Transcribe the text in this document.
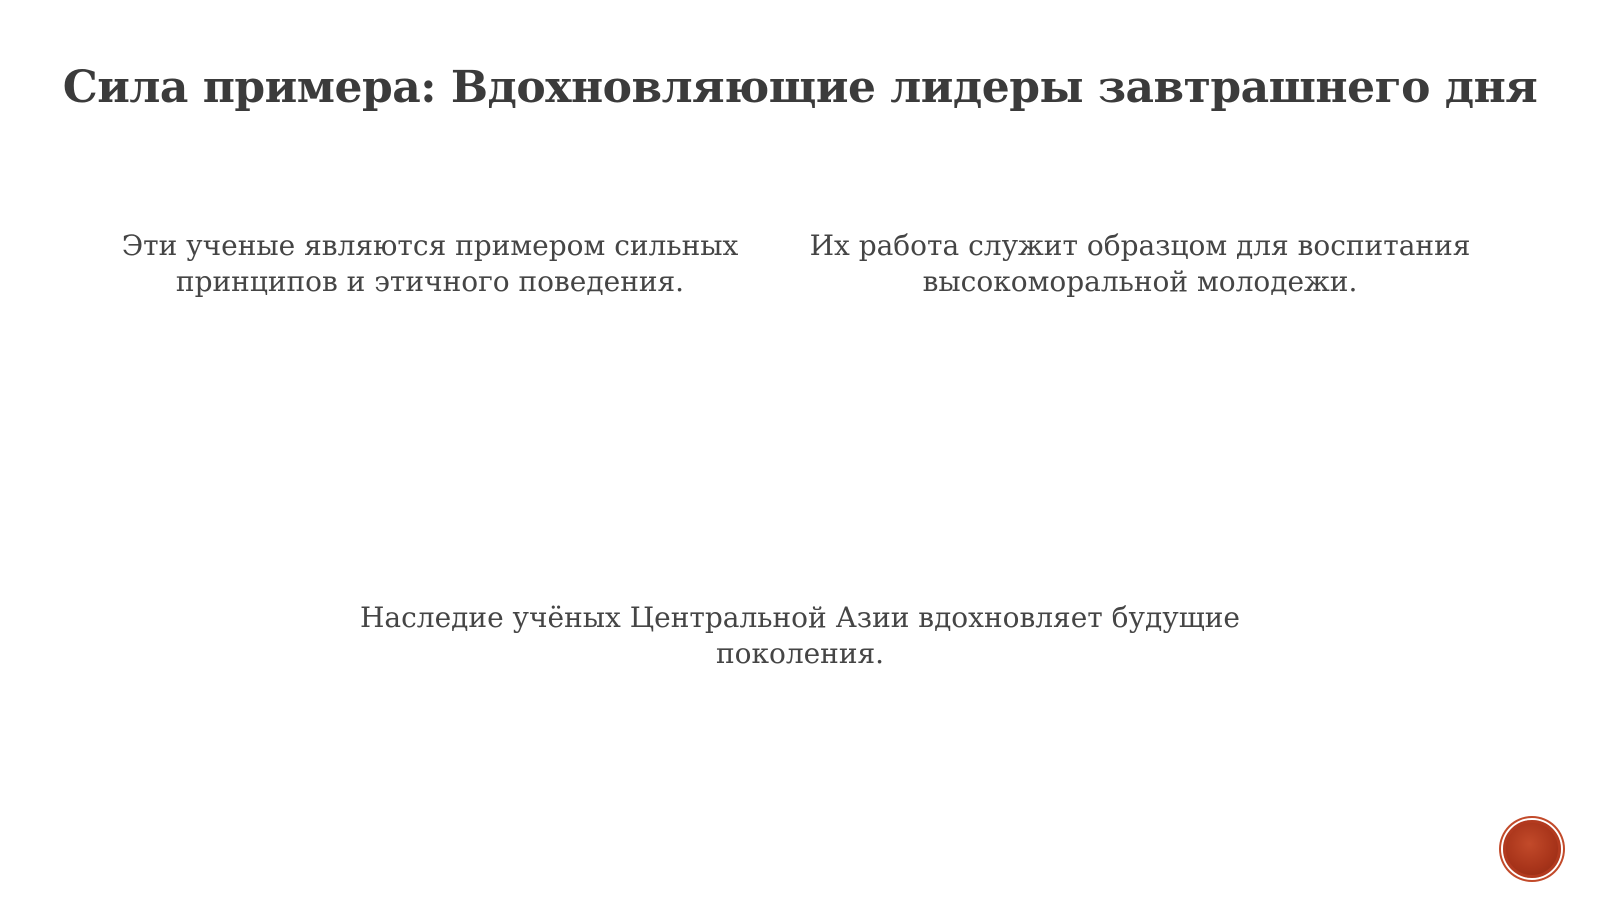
Сила примера: Вдохновляющие лидеры завтрашнего дня
Эти ученые являются примером сильных принципов и этичного поведения.
Их работа служит образцом для воспитания высокоморальной молодежи.
Наследие учёных Центральной Азии вдохновляет будущие поколения.
